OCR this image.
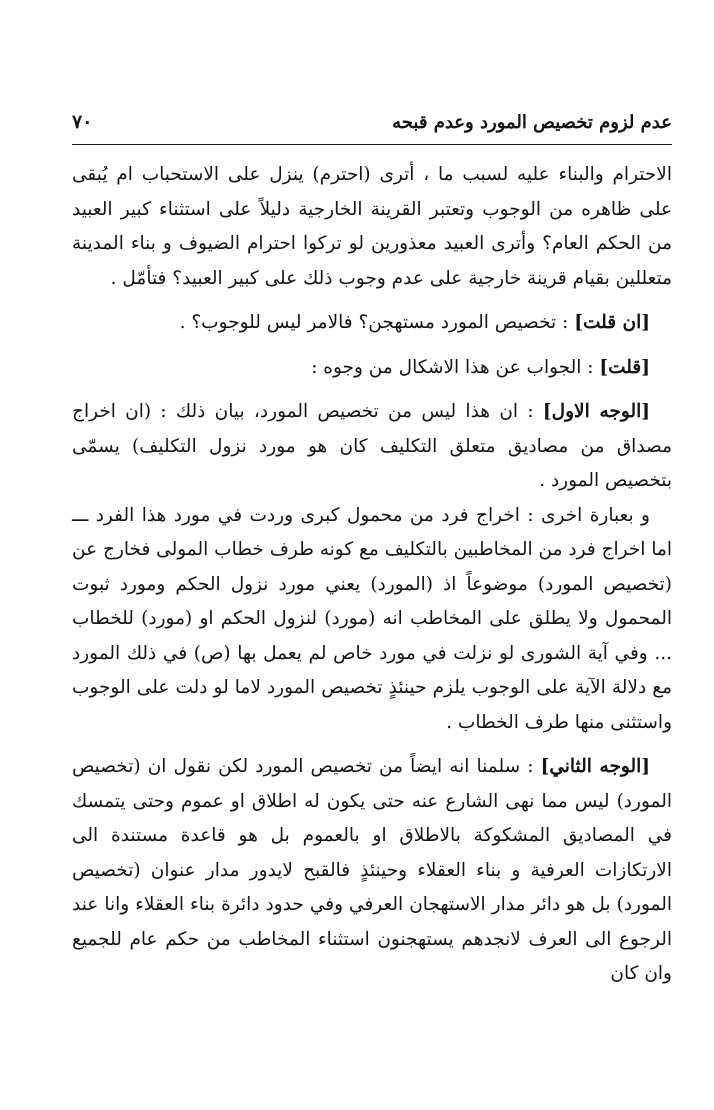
٧٠	عدم لزوم تخصيص المورد وعدم قبحه

الاحترام والبناء عليه لسبب ما ، أترى (احترم) ينزل على الاستحباب ام يُبقى على ظاهره من الوجوب وتعتبر القرينة الخارجية دليلاً على استثناء كبير العبيد من الحكم العام؟ وأترى العبيد معذورين لو تركوا احترام الضيوف و بناء المدينة متعللين بقيام قرينة خارجية على عدم وجوب ذلك على كبير العبيد؟ فتأمّل .

[ان قلت] : تخصيص المورد مستهجن؟ فالامر ليس للوجوب؟ .

[قلت] : الجواب عن هذا الاشكال من وجوه :

[الوجه الاول] : ان هذا ليس من تخصيص المورد، بيان ذلك : (ان اخراج مصداق من مصاديق متعلق التكليف كان هو مورد نزول التكليف) يسمّى بتخصيص المورد .

و بعبارة اخرى : اخراج فرد من محمول كبرى وردت في مورد هذا الفرد ـــ اما اخراج فرد من المخاطبين بالتكليف مع كونه طرف خطاب المولى فخارج عن (تخصيص المورد) موضوعاً اذ (المورد) يعني مورد نزول الحكم ومورد ثبوت المحمول ولا يطلق على المخاطب انه (مورد) لنزول الحكم او (مورد) للخطاب ... وفي آية الشورى لو نزلت في مورد خاص لم يعمل بها (ص) في ذلك المورد مع دلالة الآية على الوجوب يلزم حينئذٍ تخصيص المورد لاما لو دلت على الوجوب واستثنى منها طرف الخطاب .

[الوجه الثاني] : سلمنا انه ايضاً من تخصيص المورد لكن نقول ان (تخصيص المورد) ليس مما نهى الشارع عنه حتى يكون له اطلاق او عموم وحتى يتمسك في المصاديق المشكوكة بالاطلاق او بالعموم بل هو قاعدة مستندة الى الارتكازات العرفية و بناء العقلاء وحينئذٍ فالقبح لايدور مدار عنوان (تخصيص المورد) بل هو دائر مدار الاستهجان العرفي وفي حدود دائرة بناء العقلاء وانا عند الرجوع الى العرف لانجدهم يستهجنون استثناء المخاطب من حكم عام للجميع وان كان
